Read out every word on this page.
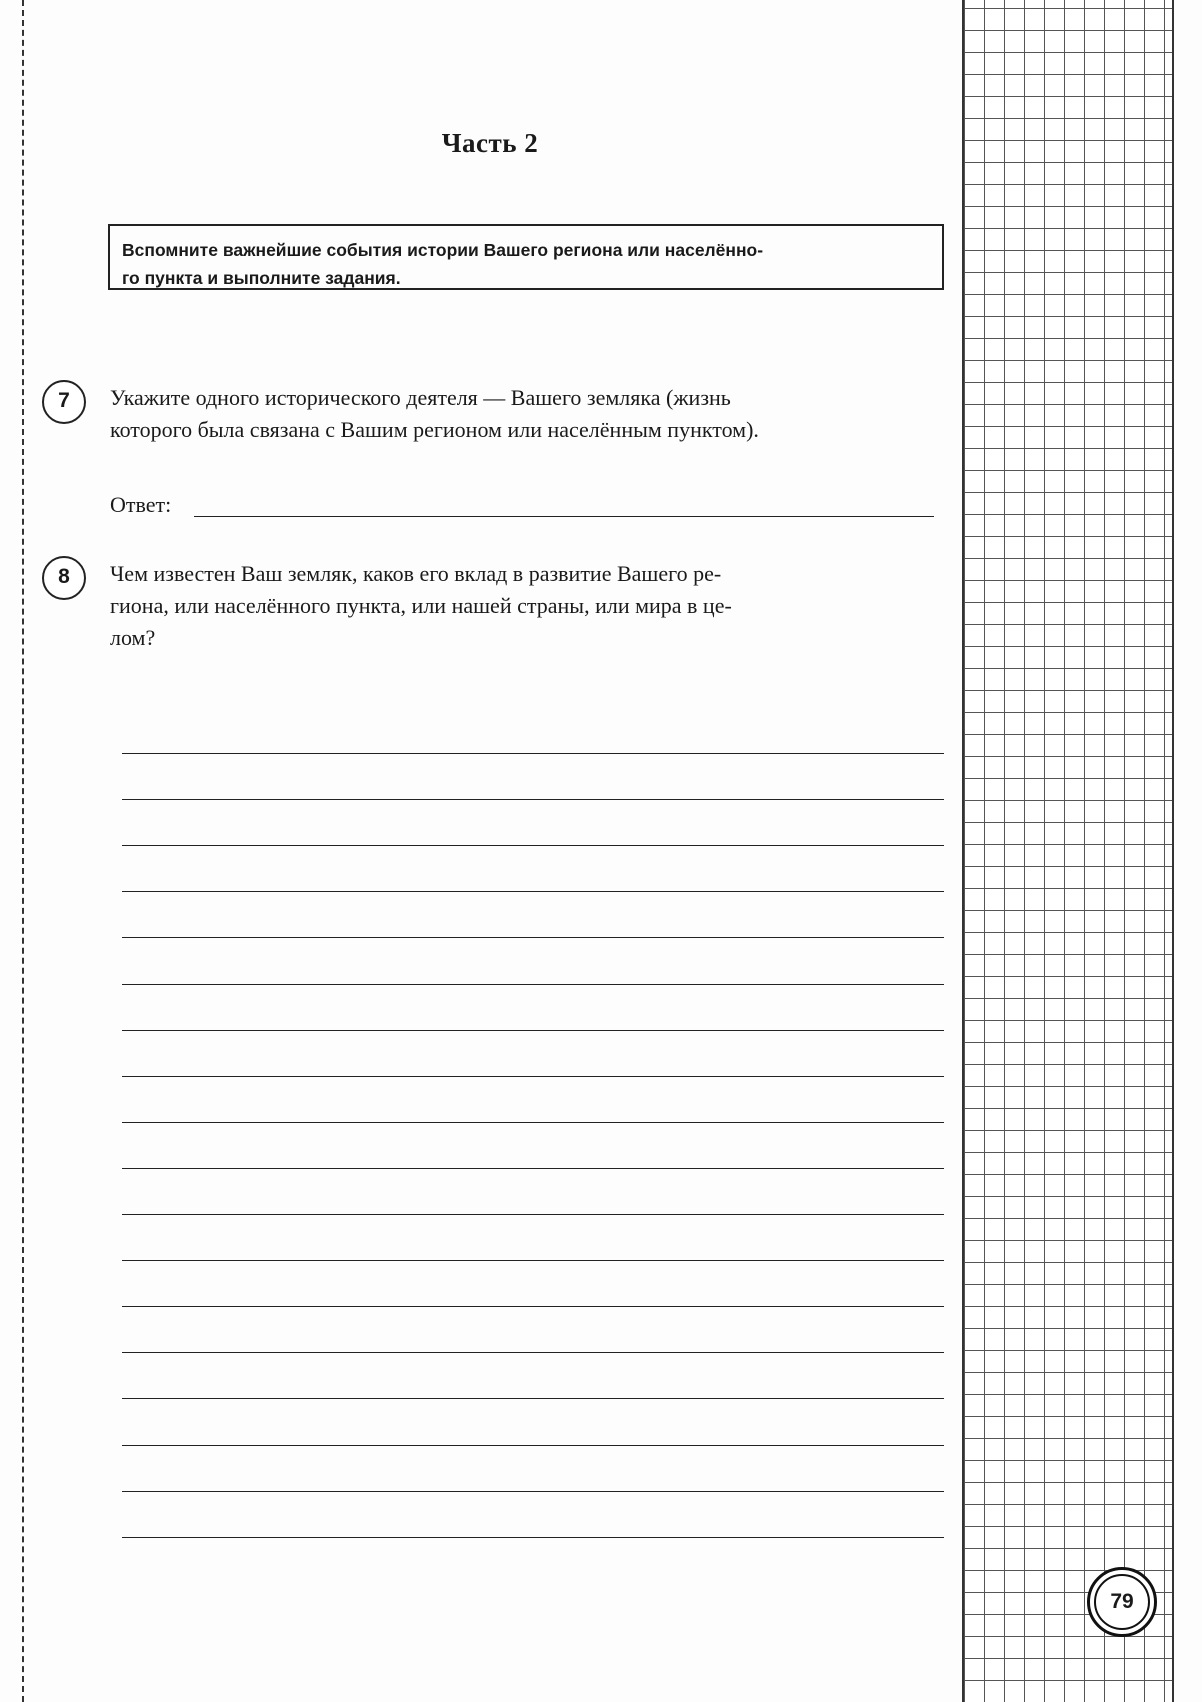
Часть 2
Вспомните важнейшие события истории Вашего региона или населённо-
го пункта и выполните задания.
7	Укажите одного исторического деятеля — Вашего земляка (жизнь
которого была связана с Вашим регионом или населённым пунктом).
Ответ:
8	Чем известен Ваш земляк, каков его вклад в развитие Вашего ре-
гиона, или населённого пункта, или нашей страны, или мира в це-
лом?
79
